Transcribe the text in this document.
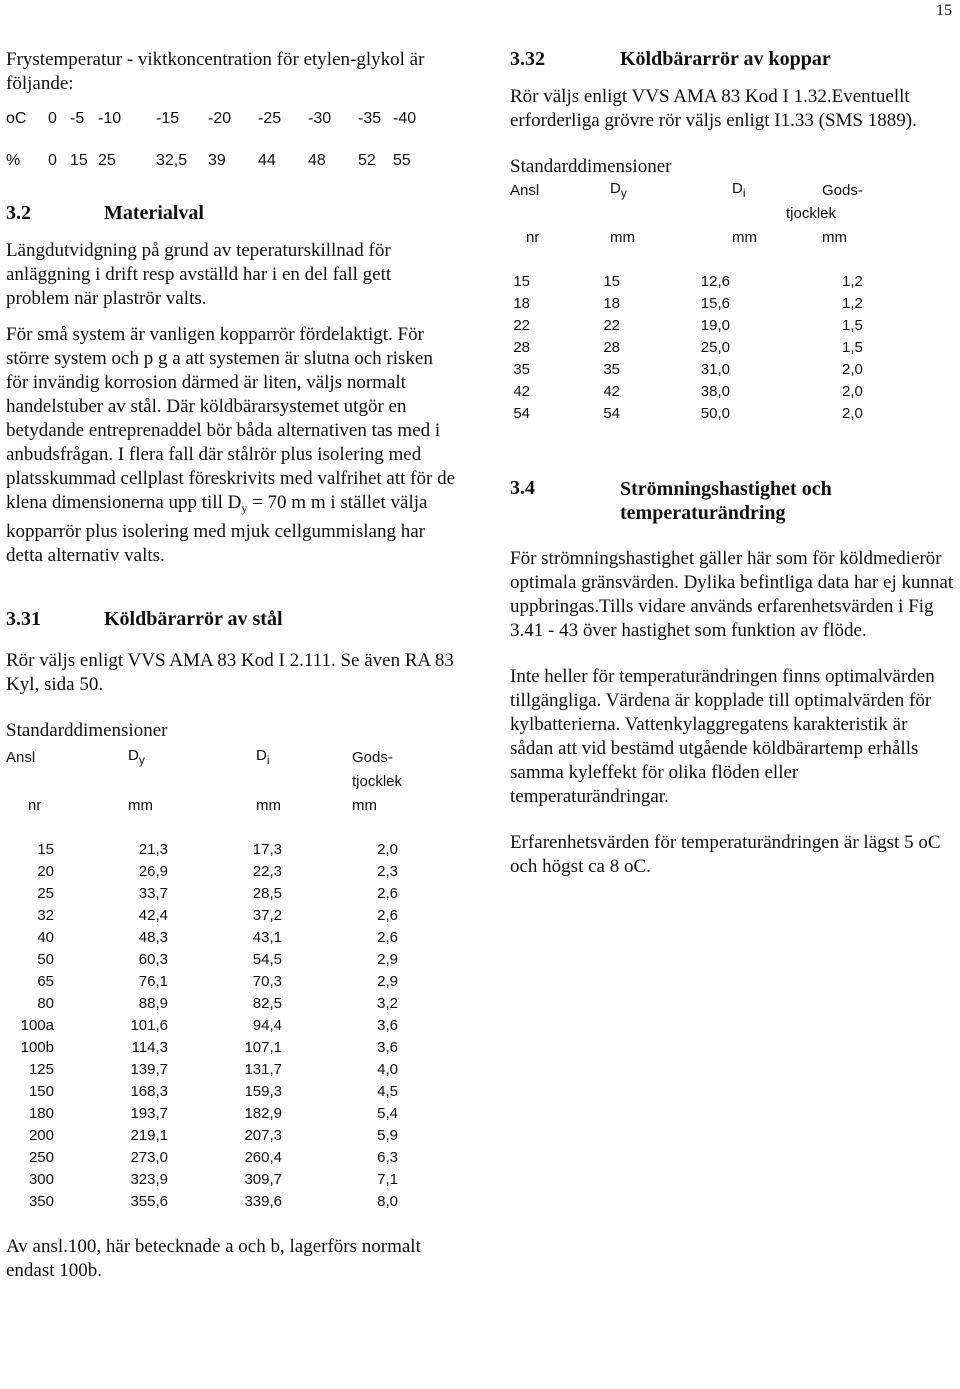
15

Frystemperatur - viktkoncentration för etylen-glykol är följande:

oC	0 -5 -10 -15 -20 -25 -30 -35 -40
%	0 15 25	32,5 39 44 48 52 55
3.2	Materialval

Längdutvidgning på grund av teperaturskillnad för anläggning i drift resp avställd har i en del fall gett problem när plaströr valts.

För små system är vanligen kopparrör fördelaktigt. För större system och p g a att systemen är slutna och risken för invändig korrosion därmed är liten, väljs normalt handelstuber av stål. Där köldbärarsystemet utgör en betydande entreprenaddel bör båda alternativen tas med i anbudsfrågan. I flera fall där stålrör plus isolering med platsskummad cellplast föreskrivits med valfrihet att för de klena dimensionerna upp till $D_y = 70$ m m i stället välja kopparrör plus isolering med mjuk cellgummislang har detta alternativ valts.

3.31	Köldbärarrör av stål

Rör väljs enligt VVS AMA 83 Kod I 2.111. Se även RA 83 Kyl, sida 50.

Standarddimensioner

Ansl	$D_y$	$D_i$	Gods-
			tjocklek
nr	mm	mm	mm

15	21,3	17,3	2,0
20	26,9	22,3	2,3
25	33,7	28,5	2,6
32	42,4	37,2	2,6
40	48,3	43,1	2,6
50	60,3	54,5	2,9
65	76,1	70,3	2,9
80	88,9	82,5	3,2
100a	101,6	94,4	3,6
100b	114,3	107,1	3,6
125	139,7	131,7	4,0
150	168,3	159,3	4,5
180	193,7	182,9	5,4
200	219,1	207,3	5,9
250	273,0	260,4	6,3
300	323,9	309,7	7,1
350	355,6	339,6	8,0

Av ansl.100, här betecknade a och b, lagerförs normalt endast 100b.

3.32	Köldbärarrör av koppar

Rör väljs enligt VVS AMA 83 Kod I 1.32.Eventuellt erforderliga grövre rör väljs enligt I1.33 (SMS 1889).

Standarddimensioner

Ansl	$D_y$	$D_i$	Gods-
		tjocklek	
nr	mm	mm	mm

15	15	12,6	1,2
18	18	15,6	1,2
22	22	19,0	1,5
28	28	25,0	1,5
35	35	31,0	2,0
42	42	38,0	2,0
54	54	50,0	2,0
3.4	Strömningshastighet och temperaturändring

För strömningshastighet gäller här som för köldmedierör optimala gränsvärden. Dylika befintliga data har ej kunnat uppbringas.Tills vidare används erfarenhetsvärden i Fig 3.41 - 43 över hastighet som funktion av flöde.

Inte heller för temperaturändringen finns optimalvärden tillgängliga. Värdena är kopplade till optimalvärden för kylbatterierna. Vattenkylaggregatens karakteristik är sådan att vid bestämd utgående köldbärartemp erhålls samma kyleffekt för olika flöden eller temperaturändringar.

Erfarenhetsvärden för temperaturändringen är lägst 5 oC och högst ca 8 oC.
